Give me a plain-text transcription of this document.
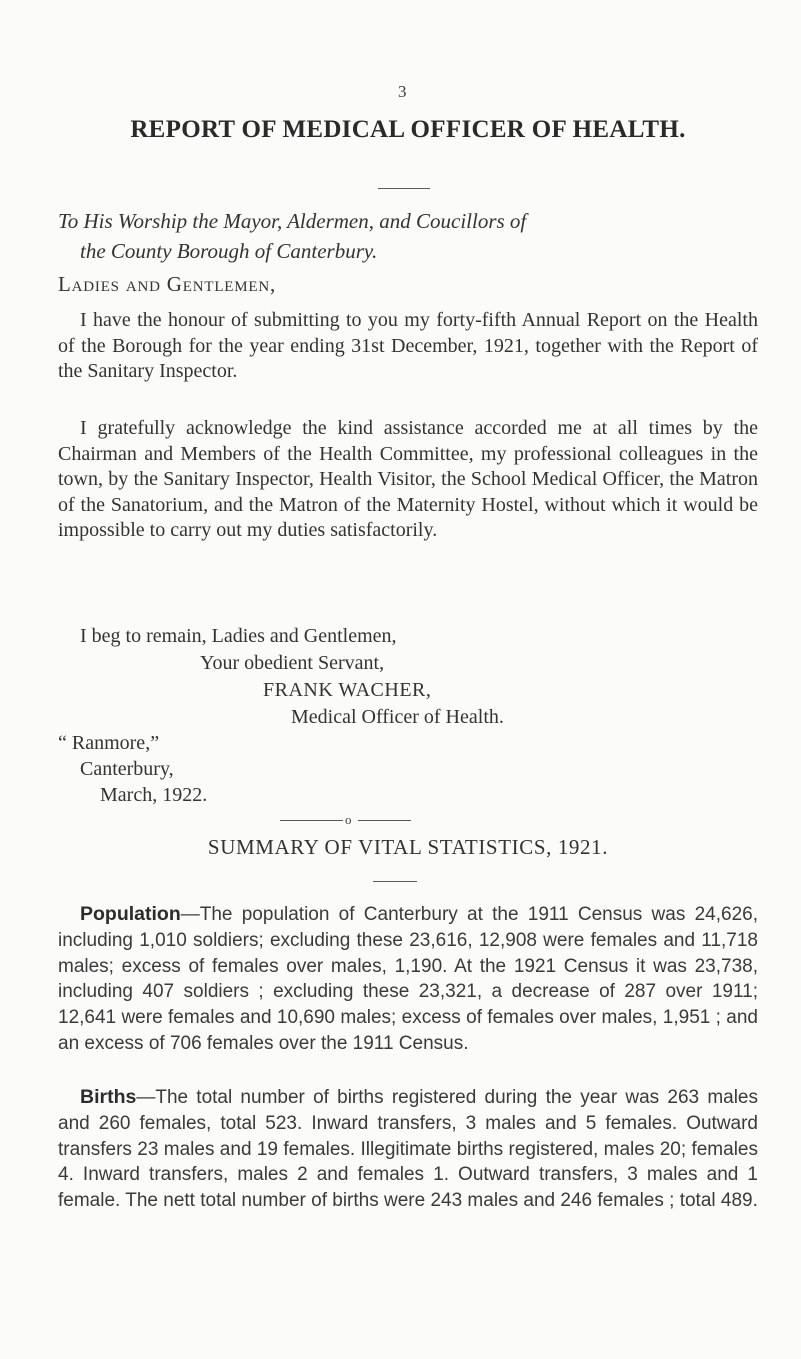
3
REPORT OF MEDICAL OFFICER OF HEALTH.
To His Worship the Mayor, Aldermen, and Coucillors of
the County Borough of Canterbury.
Ladies and Gentlemen,
I have the honour of submitting to you my forty-fifth Annual Report on the Health of the Borough for the year ending 31st December, 1921, together with the Report of the Sanitary Inspector.
I gratefully acknowledge the kind assistance accorded me at all times by the Chairman and Members of the Health Committee, my professional colleagues in the town, by the Sanitary Inspector, Health Visitor, the School Medical Officer, the Matron of the Sanatorium, and the Matron of the Maternity Hostel, without which it would be impossible to carry out my duties satisfactorily.
I beg to remain, Ladies and Gentlemen,
Your obedient Servant,
FRANK WACHER,
Medical Officer of Health.
“ Ranmore,”
Canterbury,
March, 1922.
o
SUMMARY OF VITAL STATISTICS, 1921.
Population—The population of Canterbury at the 1911 Census was 24,626, including 1,010 soldiers; excluding these 23,616, 12,908 were females and 11,718 males; excess of females over males, 1,190. At the 1921 Census it was 23,738, including 407 soldiers ; excluding these 23,321, a decrease of 287 over 1911; 12,641 were females and 10,690 males; excess of females over males, 1,951 ; and an excess of 706 females over the 1911 Census.
Births—The total number of births registered during the year was 263 males and 260 females, total 523. Inward transfers, 3 males and 5 females. Outward transfers 23 males and 19 females. Illegitimate births registered, males 20; females 4. Inward transfers, males 2 and females 1. Outward transfers, 3 males and 1 female. The nett total number of births were 243 males and 246 females ; total 489.
